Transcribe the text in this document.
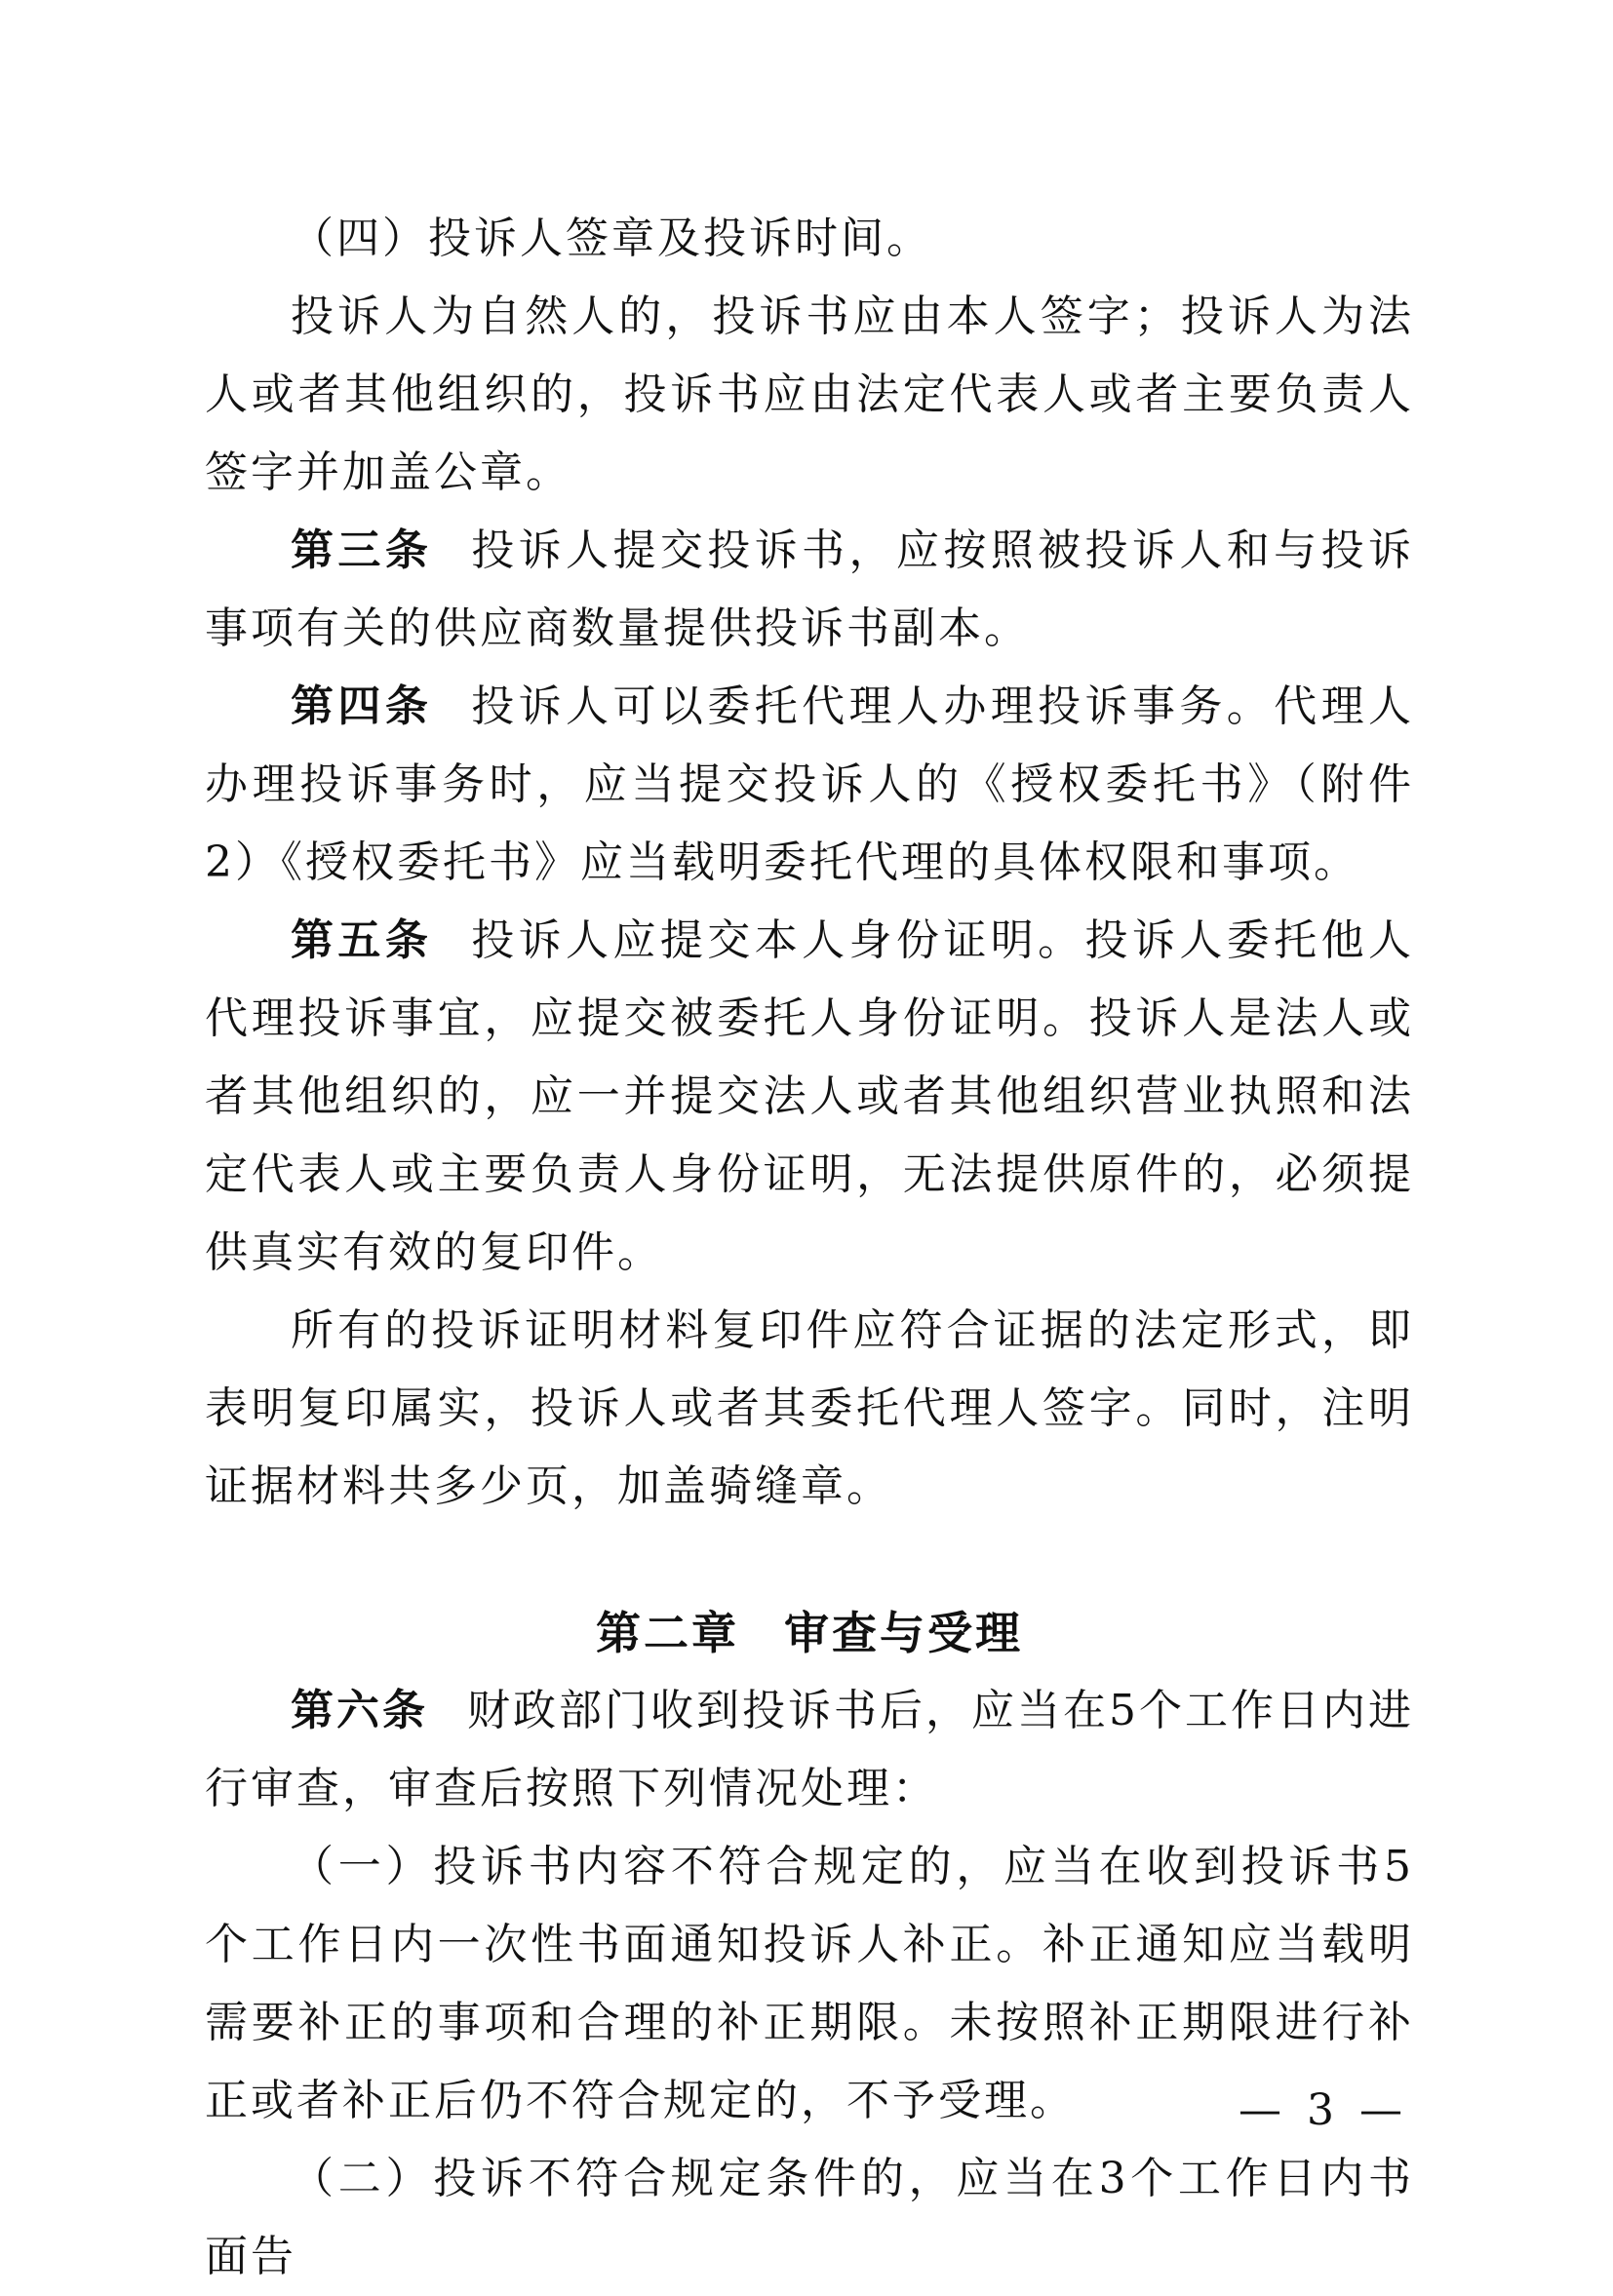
（四）投诉人签章及投诉时间。

投诉人为自然人的，投诉书应由本人签字；投诉人为法人或者其他组织的，投诉书应由法定代表人或者主要负责人签字并加盖公章。

第三条 投诉人提交投诉书，应按照被投诉人和与投诉事项有关的供应商数量提供投诉书副本。

第四条 投诉人可以委托代理人办理投诉事务。代理人办理投诉事务时，应当提交投诉人的《授权委托书》（附件2）《授权委托书》应当载明委托代理的具体权限和事项。

第五条 投诉人应提交本人身份证明。投诉人委托他人代理投诉事宜，应提交被委托人身份证明。投诉人是法人或者其他组织的，应一并提交法人或者其他组织营业执照和法定代表人或主要负责人身份证明，无法提供原件的，必须提供真实有效的复印件。

所有的投诉证明材料复印件应符合证据的法定形式，即表明复印属实，投诉人或者其委托代理人签字。同时，注明证据材料共多少页，加盖骑缝章。

第二章 审查与受理

第六条 财政部门收到投诉书后，应当在5个工作日内进行审查，审查后按照下列情况处理：

（一）投诉书内容不符合规定的，应当在收到投诉书5个工作日内一次性书面通知投诉人补正。补正通知应当载明需要补正的事项和合理的补正期限。未按照补正期限进行补正或者补正后仍不符合规定的，不予受理。

（二）投诉不符合规定条件的，应当在3个工作日内书面告

— 3 —
